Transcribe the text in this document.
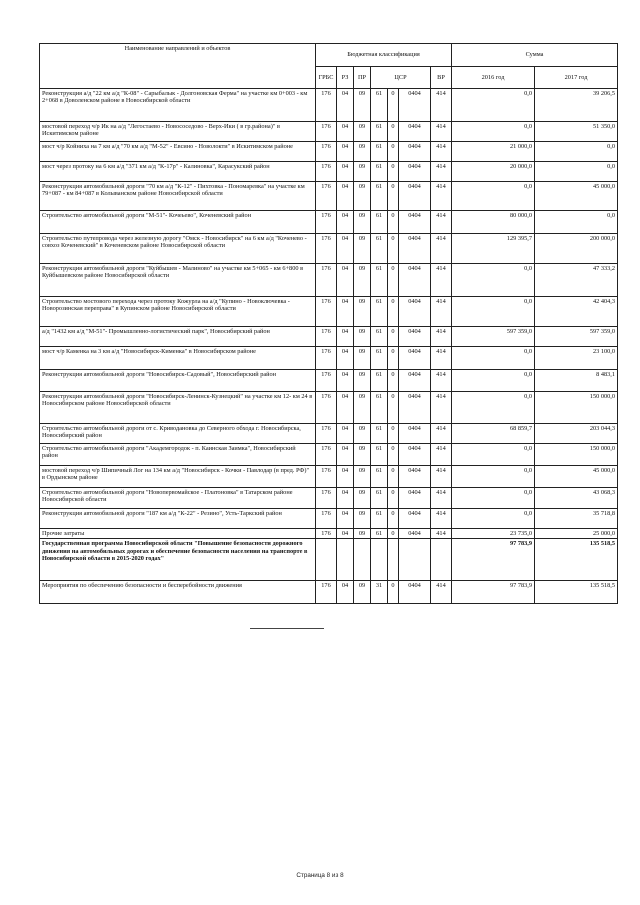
Наименование направлений и объектов	Бюджетная классификация							Сумма	
	ГРБС	РЗ	ПР	ЦСР			ВР	2016 год	2017 год
Реконструкция а/д "22 км а/д "К-08" - Сарыбалык - Долгоновская Ферма" на участке км 0+003 - км 2+068 в Доволенском районе в Новосибирской области	176	04	09	61	0	0404	414	0,0	39 206,5
мостовой переход ч/р Ик на а/д "Легостаево - Новососедово - Верх-Ики ( в гр.района)" в Искитимском районе	176	04	09	61	0	0404	414	0,0	51 350,0
мост ч/р Койниха на 7 км а/д "70 км а/д "М-52" - Евсино - Новолокти" в Искитимском районе	176	04	09	61	0	0404	414	21 000,0	0,0
мост через протоку на 6 км а/д "371 км а/д "К-17р" - Калиновка", Карасукский район	176	04	09	61	0	0404	414	20 000,0	0,0
Реконструкция автомобильной дороги "70 км а/д "К-12" - Пихтовка - Пономаревка" на участке км 79+087 - км 84+087 в Колыванском районе Новосибирской области	176	04	09	61	0	0404	414	0,0	45 000,0
Строительство автомобильной дороги "М-51"- Кочеьево", Коченевский район	176	04	09	61	0	0404	414	80 000,0	0,0
Строительство путепровода через железную дорогу "Омск - Новосибирск" на 6 км а/д "Коченево - совхоз Коченевский" в Коченевском районе Новосибирской области	176	04	09	61	0	0404	414	129 395,7	200 000,0
Реконструкция автомобильной дороги "Куйбышев - Малиново" на участке км 5+065 - км 6+800 в Куйбышевском районе Новосибирской области	176	04	09	61	0	0404	414	0,0	47 333,2
Строительство мостового перехода через протоку Кожурла на а/д "Купино - Новоключевка - Новорозинская переправа" в Купинском районе Новосибирской области	176	04	09	61	0	0404	414	0,0	42 404,3
а/д "1432 км а/д "М-51"- Промышленно-логистический парк", Новосибирский район	176	04	09	61	0	0404	414	597 359,0	597 359,0
мост ч/р Каменка на 3 км а/д "Новосибирск-Кименка" в Новосибирском районе	176	04	09	61	0	0404	414	0,0	23 100,0
Реконструкция автомобильной дороги "Новосибирск-Садовый", Новосибирский район	176	04	09	61	0	0404	414	0,0	8 483,1
Реконструкция автомобильной дороги "Новосибирск-Ленинск-Кузнецкий" на участке км 12- км 24 в Новосибирском районе Новосибирской области	176	04	09	61	0	0404	414	0,0	150 000,0
Строительство автомобильной дороги от с. Криводановка до Северного обхода г. Новосибирска, Новосибирский район	176	04	09	61	0	0404	414	68 859,7	203 044,3
Строительство автомобильной дороги "Академгородок - п. Каинская Заимка", Новосибирский район	176	04	09	61	0	0404	414	0,0	150 000,0
мостовой переход ч/р Шипичный Лог на 134 км а/д "Новосибирск - Кочки - Павлодар (в пред. РФ)" в Ордынском районе	176	04	09	61	0	0404	414	0,0	45 000,0
Строительство автомобильной дороги "Новопервомайское - Платоновка" в Татарском районе Новосибирской области	176	04	09	61	0	0404	414	0,0	43 068,3
Реконструкция автомобильной дороги "187 км а/д "К-22" - Резино", Усть-Таркский район	176	04	09	61	0	0404	414	0,0	35 718,8
Прочие затраты	176	04	09	61	0	0404	414	23 735,0	25 000,0
Государственная программа Новосибирской области "Повышение безопасности дорожного движения на автомобильных дорогах и обеспечение безопасности населения на транспорте в Новосибирской области в 2015-2020 годах"								97 783,9	135 518,5
Мероприятия по обеспечению безопасности и бесперебойности движения	176	04	09	31	0	0404	414	97 783,9	135 518,5
Страница 8 из 8
